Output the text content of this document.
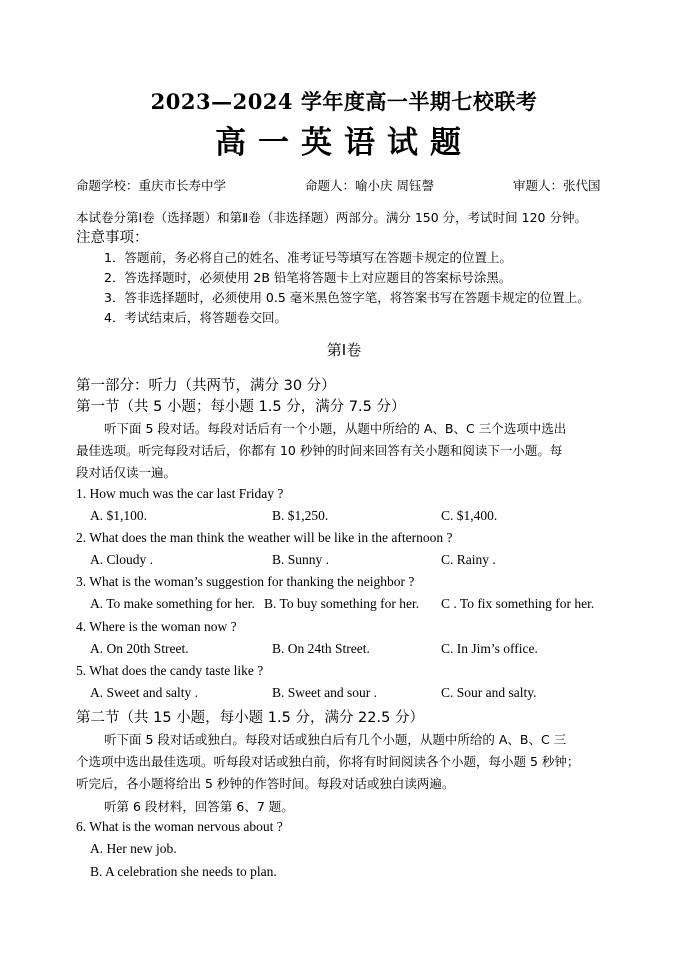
2023—2024 学年度高一半期七校联考
高一英语试题
命题学校：重庆市长寿中学	命题人：喻小庆 周钰謦	审题人：张代国
本试卷分第Ⅰ卷（选择题）和第Ⅱ卷（非选择题）两部分。满分 150 分，考试时间 120 分钟。
注意事项：
1．答题前，务必将自己的姓名、准考证号等填写在答题卡规定的位置上。
2．答选择题时，必须使用 2B 铅笔将答题卡上对应题目的答案标号涂黑。
3．答非选择题时，必须使用 0.5 毫米黑色签字笔，将答案书写在答题卡规定的位置上。
4．考试结束后，将答题卷交回。
第Ⅰ卷
第一部分：听力（共两节，满分 30 分）
第一节（共 5 小题；每小题 1.5 分，满分 7.5 分）
听下面 5 段对话。每段对话后有一个小题，从题中所给的 A、B、C 三个选项中选出
最佳选项。听完每段对话后，你都有 10 秒钟的时间来回答有关小题和阅读下一小题。每
段对话仅读一遍。
1. How much was the car last Friday ?
A. $1,100.	B. $1,250.	C. $1,400.
2. What does the man think the weather will be like in the afternoon ?
A. Cloudy .	B. Sunny .	C. Rainy .
3. What is the woman’s suggestion for thanking the neighbor ?
A. To make something for her. B. To buy something for her. C . To fix something for her.
4. Where is the woman now ?
A. On 20th Street.	B. On 24th Street.	C. In Jim’s office.
5. What does the candy taste like ?
A. Sweet and salty .	B. Sweet and sour .	C. Sour and salty.
第二节（共 15 小题，每小题 1.5 分，满分 22.5 分）
听下面 5 段对话或独白。每段对话或独白后有几个小题，从题中所给的 A、B、C 三
个选项中选出最佳选项。听每段对话或独白前，你将有时间阅读各个小题，每小题 5 秒钟；
听完后，各小题将给出 5 秒钟的作答时间。每段对话或独白读两遍。
听第 6 段材料，回答第 6、7 题。
6. What is the woman nervous about ?
A. Her new job.
B. A celebration she needs to plan.
